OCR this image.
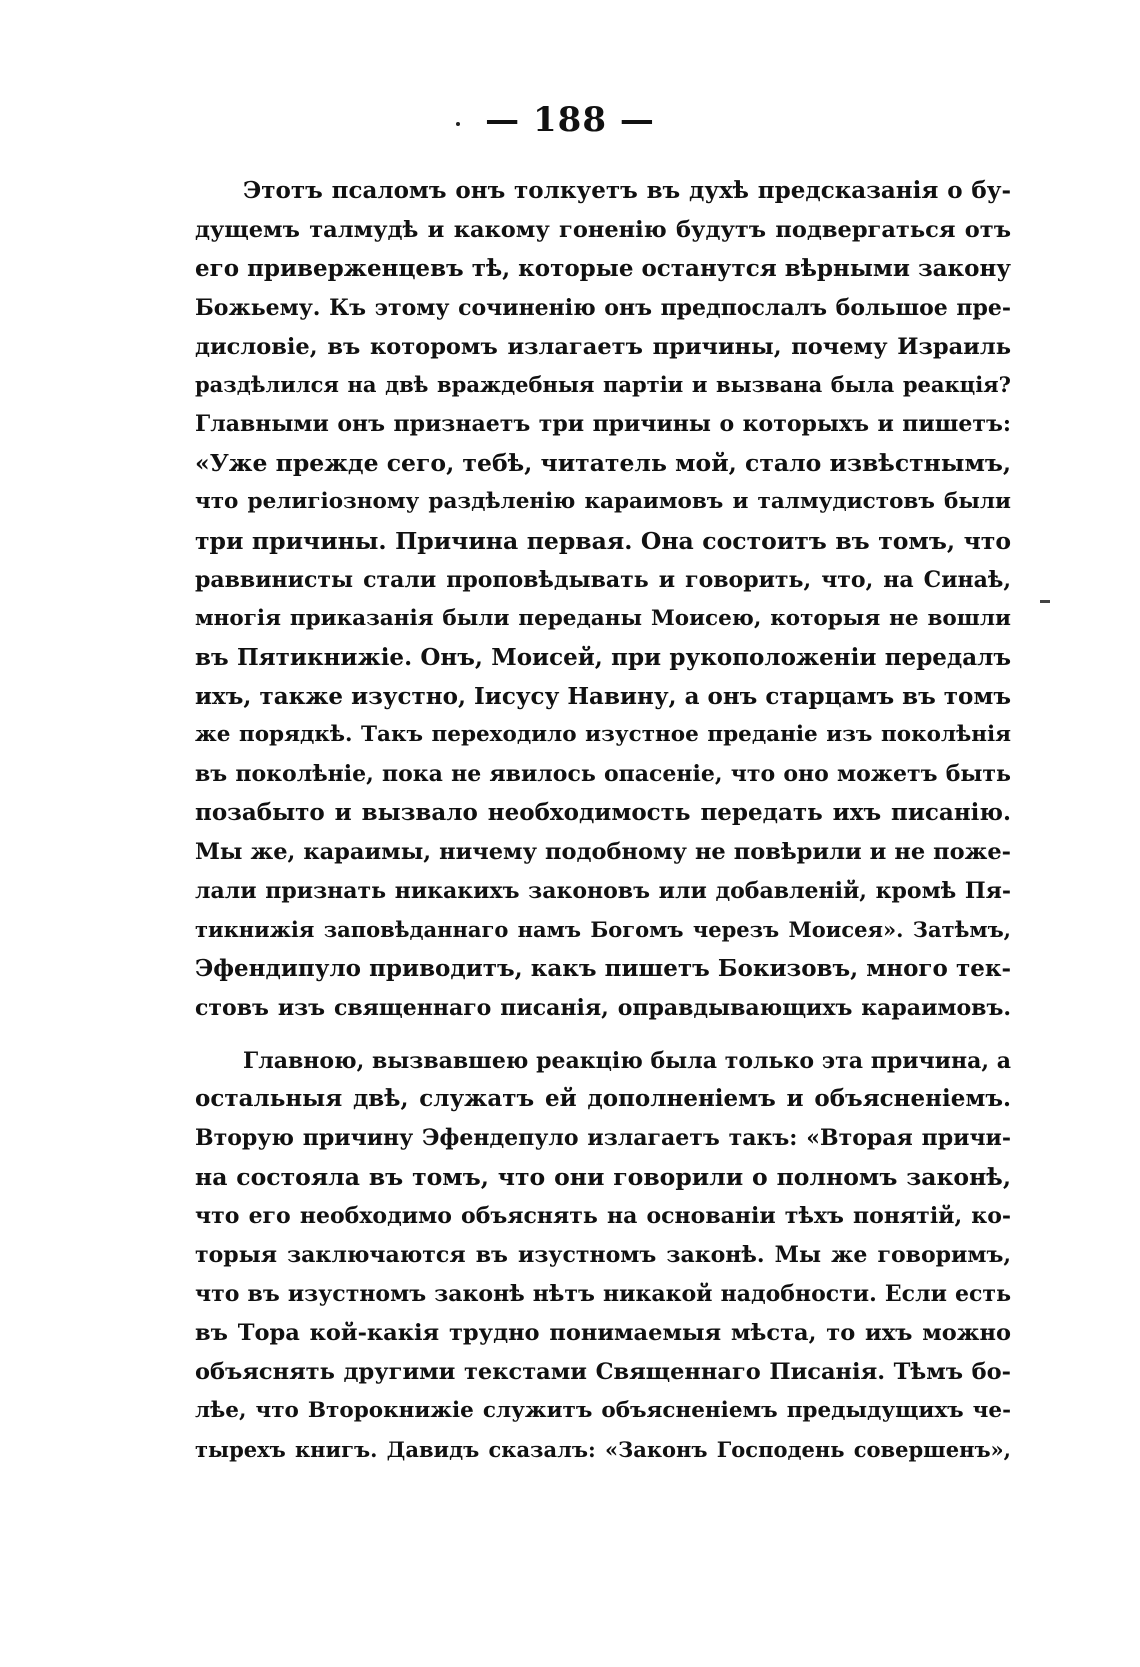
— 188 —
Этотъ псаломъ онъ толкуетъ въ духѣ предсказанія о бу-
дущемъ талмудѣ и какому гоненію будутъ подвергаться отъ
его приверженцевъ тѣ, которые останутся вѣрными закону
Божьему. Къ этому сочиненію онъ предпослалъ большое пре-
дисловіе, въ которомъ излагаетъ причины, почему Израиль
раздѣлился на двѣ враждебныя партіи и вызвана была реакція?
Главными онъ признаетъ три причины о которыхъ и пишетъ:
«Уже прежде сего, тебѣ, читатель мой, стало извѣстнымъ,
что религіозному раздѣленію караимовъ и талмудистовъ были
три причины. Причина первая. Она состоитъ въ томъ, что
раввинисты стали проповѣдывать и говорить, что, на Синаѣ,
многія приказанія были переданы Моисею, которыя не вошли
въ Пятикнижіе. Онъ, Моисей, при рукоположеніи передалъ
ихъ, также изустно, Іисусу Навину, а онъ старцамъ въ томъ
же порядкѣ. Такъ переходило изустное преданіе изъ поколѣнія
въ поколѣніе, пока не явилось опасеніе, что оно можетъ быть
позабыто и вызвало необходимость передать ихъ писанію.
Мы же, караимы, ничему подобному не повѣрили и не поже-
лали признать никакихъ законовъ или добавленій, кромѣ Пя-
тикнижія заповѣданнаго намъ Богомъ черезъ Моисея». Затѣмъ,
Эфендипуло приводитъ, какъ пишетъ Бокизовъ, много тек-
стовъ изъ священнаго писанія, оправдывающихъ караимовъ.
Главною, вызвавшею реакцію была только эта причина, а
остальныя двѣ, служатъ ей дополненіемъ и объясненіемъ.
Вторую причину Эфендепуло излагаетъ такъ: «Вторая причи-
на состояла въ томъ, что они говорили о полномъ законѣ,
что его необходимо объяснять на основаніи тѣхъ понятій, ко-
торыя заключаются въ изустномъ законѣ. Мы же говоримъ,
что въ изустномъ законѣ нѣтъ никакой надобности. Если есть
въ Тора кой-какія трудно понимаемыя мѣста, то ихъ можно
объяснять другими текстами Священнаго Писанія. Тѣмъ бо-
лѣе, что Второкнижіе служитъ объясненіемъ предыдущихъ че-
тырехъ книгъ. Давидъ сказалъ: «Законъ Господень совершенъ»,
